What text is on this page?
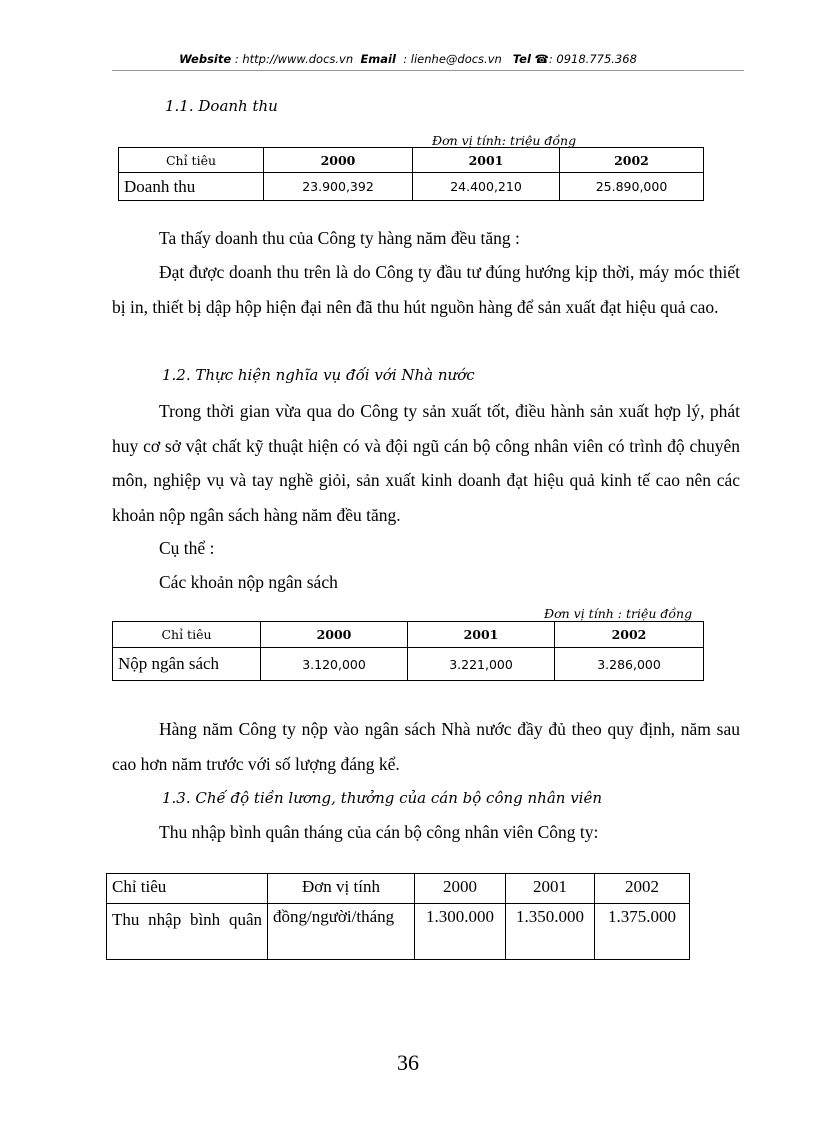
Website : http://www.docs.vn Email : lienhe@docs.vn Tel ☎: 0918.775.368
1.1. Doanh thu
Đơn vị tính: triệu đồng
Chỉ tiêu	2000	2001	2002
Doanh thu	23.900,392	24.400,210	25.890,000
Ta thấy doanh thu của Công ty hàng năm đều tăng :
Đạt được doanh thu trên là do Công ty đầu tư đúng hướng kịp thời, máy móc thiết bị in, thiết bị dập hộp hiện đại nên đã thu hút nguồn hàng để sản xuất đạt hiệu quả cao.
1.2. Thực hiện nghĩa vụ đối với Nhà nước
Trong thời gian vừa qua do Công ty sản xuất tốt, điều hành sản xuất hợp lý, phát huy cơ sở vật chất kỹ thuật hiện có và đội ngũ cán bộ công nhân viên có trình độ chuyên môn, nghiệp vụ và tay nghề giỏi, sản xuất kinh doanh đạt hiệu quả kinh tế cao nên các khoản nộp ngân sách hàng năm đều tăng.
Cụ thể :
Các khoản nộp ngân sách
Đơn vị tính : triệu đồng
Chỉ tiêu	2000	2001	2002
Nộp ngân sách	3.120,000	3.221,000	3.286,000
Hàng năm Công ty nộp vào ngân sách Nhà nước đầy đủ theo quy định, năm sau cao hơn năm trước với số lượng đáng kể.
1.3. Chế độ tiền lương, thưởng của cán bộ công nhân viên
Thu nhập bình quân tháng của cán bộ công nhân viên Công ty:
Chỉ tiêu	Đơn vị tính	2000	2001	2002
Thu nhập bình quân	đồng/người/tháng	1.300.000	1.350.000	1.375.000
36
